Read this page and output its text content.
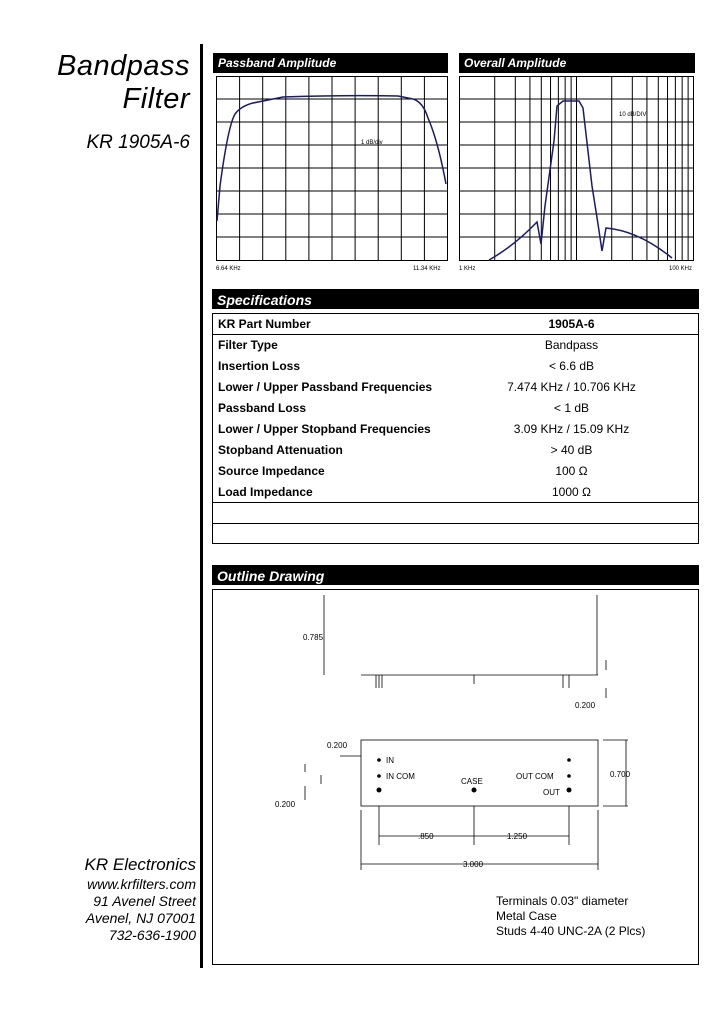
Bandpass
Filter
KR 1905A-6
Passband Amplitude
1 dB/div
6.64 KHz	11.34 KHz
Overall Amplitude
10 dB/DIV
1 KHz	100 KHz
Specifications
KR Part Number	1905A-6
Filter Type	Bandpass
Insertion Loss	< 6.6 dB
Lower / Upper Passband Frequencies	7.474 KHz / 10.706 KHz
Passband Loss	< 1 dB
Lower / Upper Stopband Frequencies	3.09 KHz / 15.09 KHz
Stopband Attenuation	> 40 dB
Source Impedance	100 Ω
Load Impedance	1000 Ω
Outline Drawing
0.785
0.200
0.200
0.200
0.700
.850	1.250
3.000
IN
IN COM
CASE
OUT COM
OUT
Terminals 0.03" diameter
Metal Case
Studs 4-40 UNC-2A (2 Plcs)
KR Electronics
www.krfilters.com
91 Avenel Street
Avenel, NJ 07001
732-636-1900
